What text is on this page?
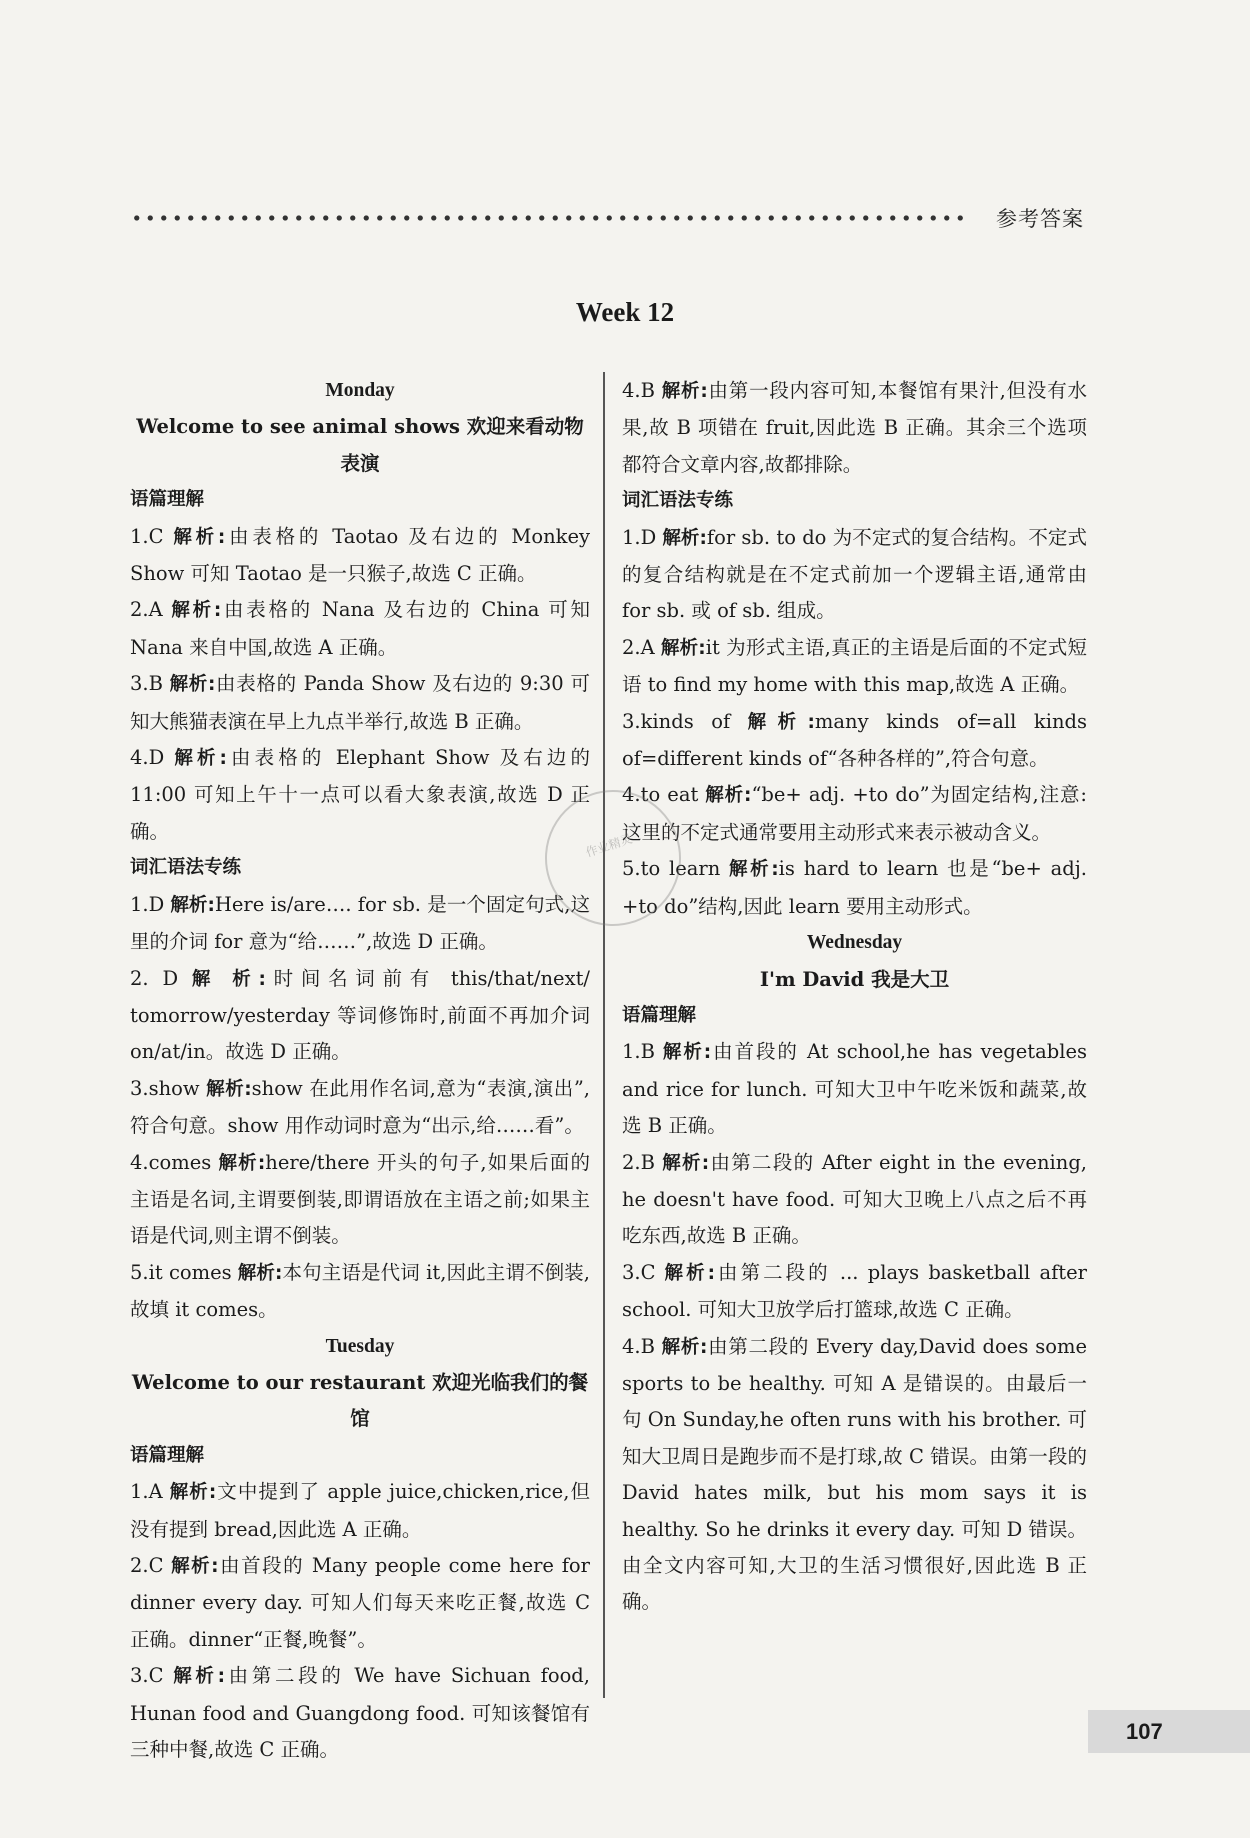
参考答案
Week 12
Monday
Welcome to see animal shows 欢迎来看动物表演
语篇理解
1.C 解析:由表格的 Taotao 及右边的 Monkey Show 可知 Taotao 是一只猴子,故选 C 正确。
2.A 解析:由表格的 Nana 及右边的 China 可知 Nana 来自中国,故选 A 正确。
3.B 解析:由表格的 Panda Show 及右边的 9:30 可知大熊猫表演在早上九点半举行,故选 B 正确。
4.D 解析:由表格的 Elephant Show 及右边的 11:00 可知上午十一点可以看大象表演,故选 D 正确。
词汇语法专练
1.D 解析:Here is/are…. for sb. 是一个固定句式,这里的介词 for 意为“给……”,故选 D 正确。
2. D 解 析:时间名词前有 this/that/next/ tomorrow/yesterday 等词修饰时,前面不再加介词 on/at/in。故选 D 正确。
3.show 解析:show 在此用作名词,意为“表演,演出”,符合句意。show 用作动词时意为“出示,给……看”。
4.comes 解析:here/there 开头的句子,如果后面的主语是名词,主谓要倒装,即谓语放在主语之前;如果主语是代词,则主谓不倒装。
5.it comes 解析:本句主语是代词 it,因此主谓不倒装,故填 it comes。
Tuesday
Welcome to our restaurant 欢迎光临我们的餐馆
语篇理解
1.A 解析:文中提到了 apple juice,chicken,rice,但没有提到 bread,因此选 A 正确。
2.C 解析:由首段的 Many people come here for dinner every day. 可知人们每天来吃正餐,故选 C 正确。dinner“正餐,晚餐”。
3.C 解析:由第二段的 We have Sichuan food, Hunan food and Guangdong food. 可知该餐馆有三种中餐,故选 C 正确。
4.B 解析:由第一段内容可知,本餐馆有果汁,但没有水果,故 B 项错在 fruit,因此选 B 正确。其余三个选项都符合文章内容,故都排除。
词汇语法专练
1.D 解析:for sb. to do 为不定式的复合结构。不定式的复合结构就是在不定式前加一个逻辑主语,通常由 for sb. 或 of sb. 组成。
2.A 解析:it 为形式主语,真正的主语是后面的不定式短语 to find my home with this map,故选 A 正确。
3.kinds of 解析:many kinds of=all kinds of=different kinds of“各种各样的”,符合句意。
4.to eat 解析:“be+ adj. +to do”为固定结构,注意:这里的不定式通常要用主动形式来表示被动含义。
5.to learn 解析:is hard to learn 也是“be+ adj. +to do”结构,因此 learn 要用主动形式。
Wednesday
I'm David 我是大卫
语篇理解
1.B 解析:由首段的 At school,he has vegetables and rice for lunch. 可知大卫中午吃米饭和蔬菜,故选 B 正确。
2.B 解析:由第二段的 After eight in the evening, he doesn't have food. 可知大卫晚上八点之后不再吃东西,故选 B 正确。
3.C 解析:由第二段的 ... plays basketball after school. 可知大卫放学后打篮球,故选 C 正确。
4.B 解析:由第二段的 Every day,David does some sports to be healthy. 可知 A 是错误的。由最后一句 On Sunday,he often runs with his brother. 可知大卫周日是跑步而不是打球,故 C 错误。由第一段的 David hates milk, but his mom says it is healthy. So he drinks it every day. 可知 D 错误。由全文内容可知,大卫的生活习惯很好,因此选 B 正确。
作业精灵
107
